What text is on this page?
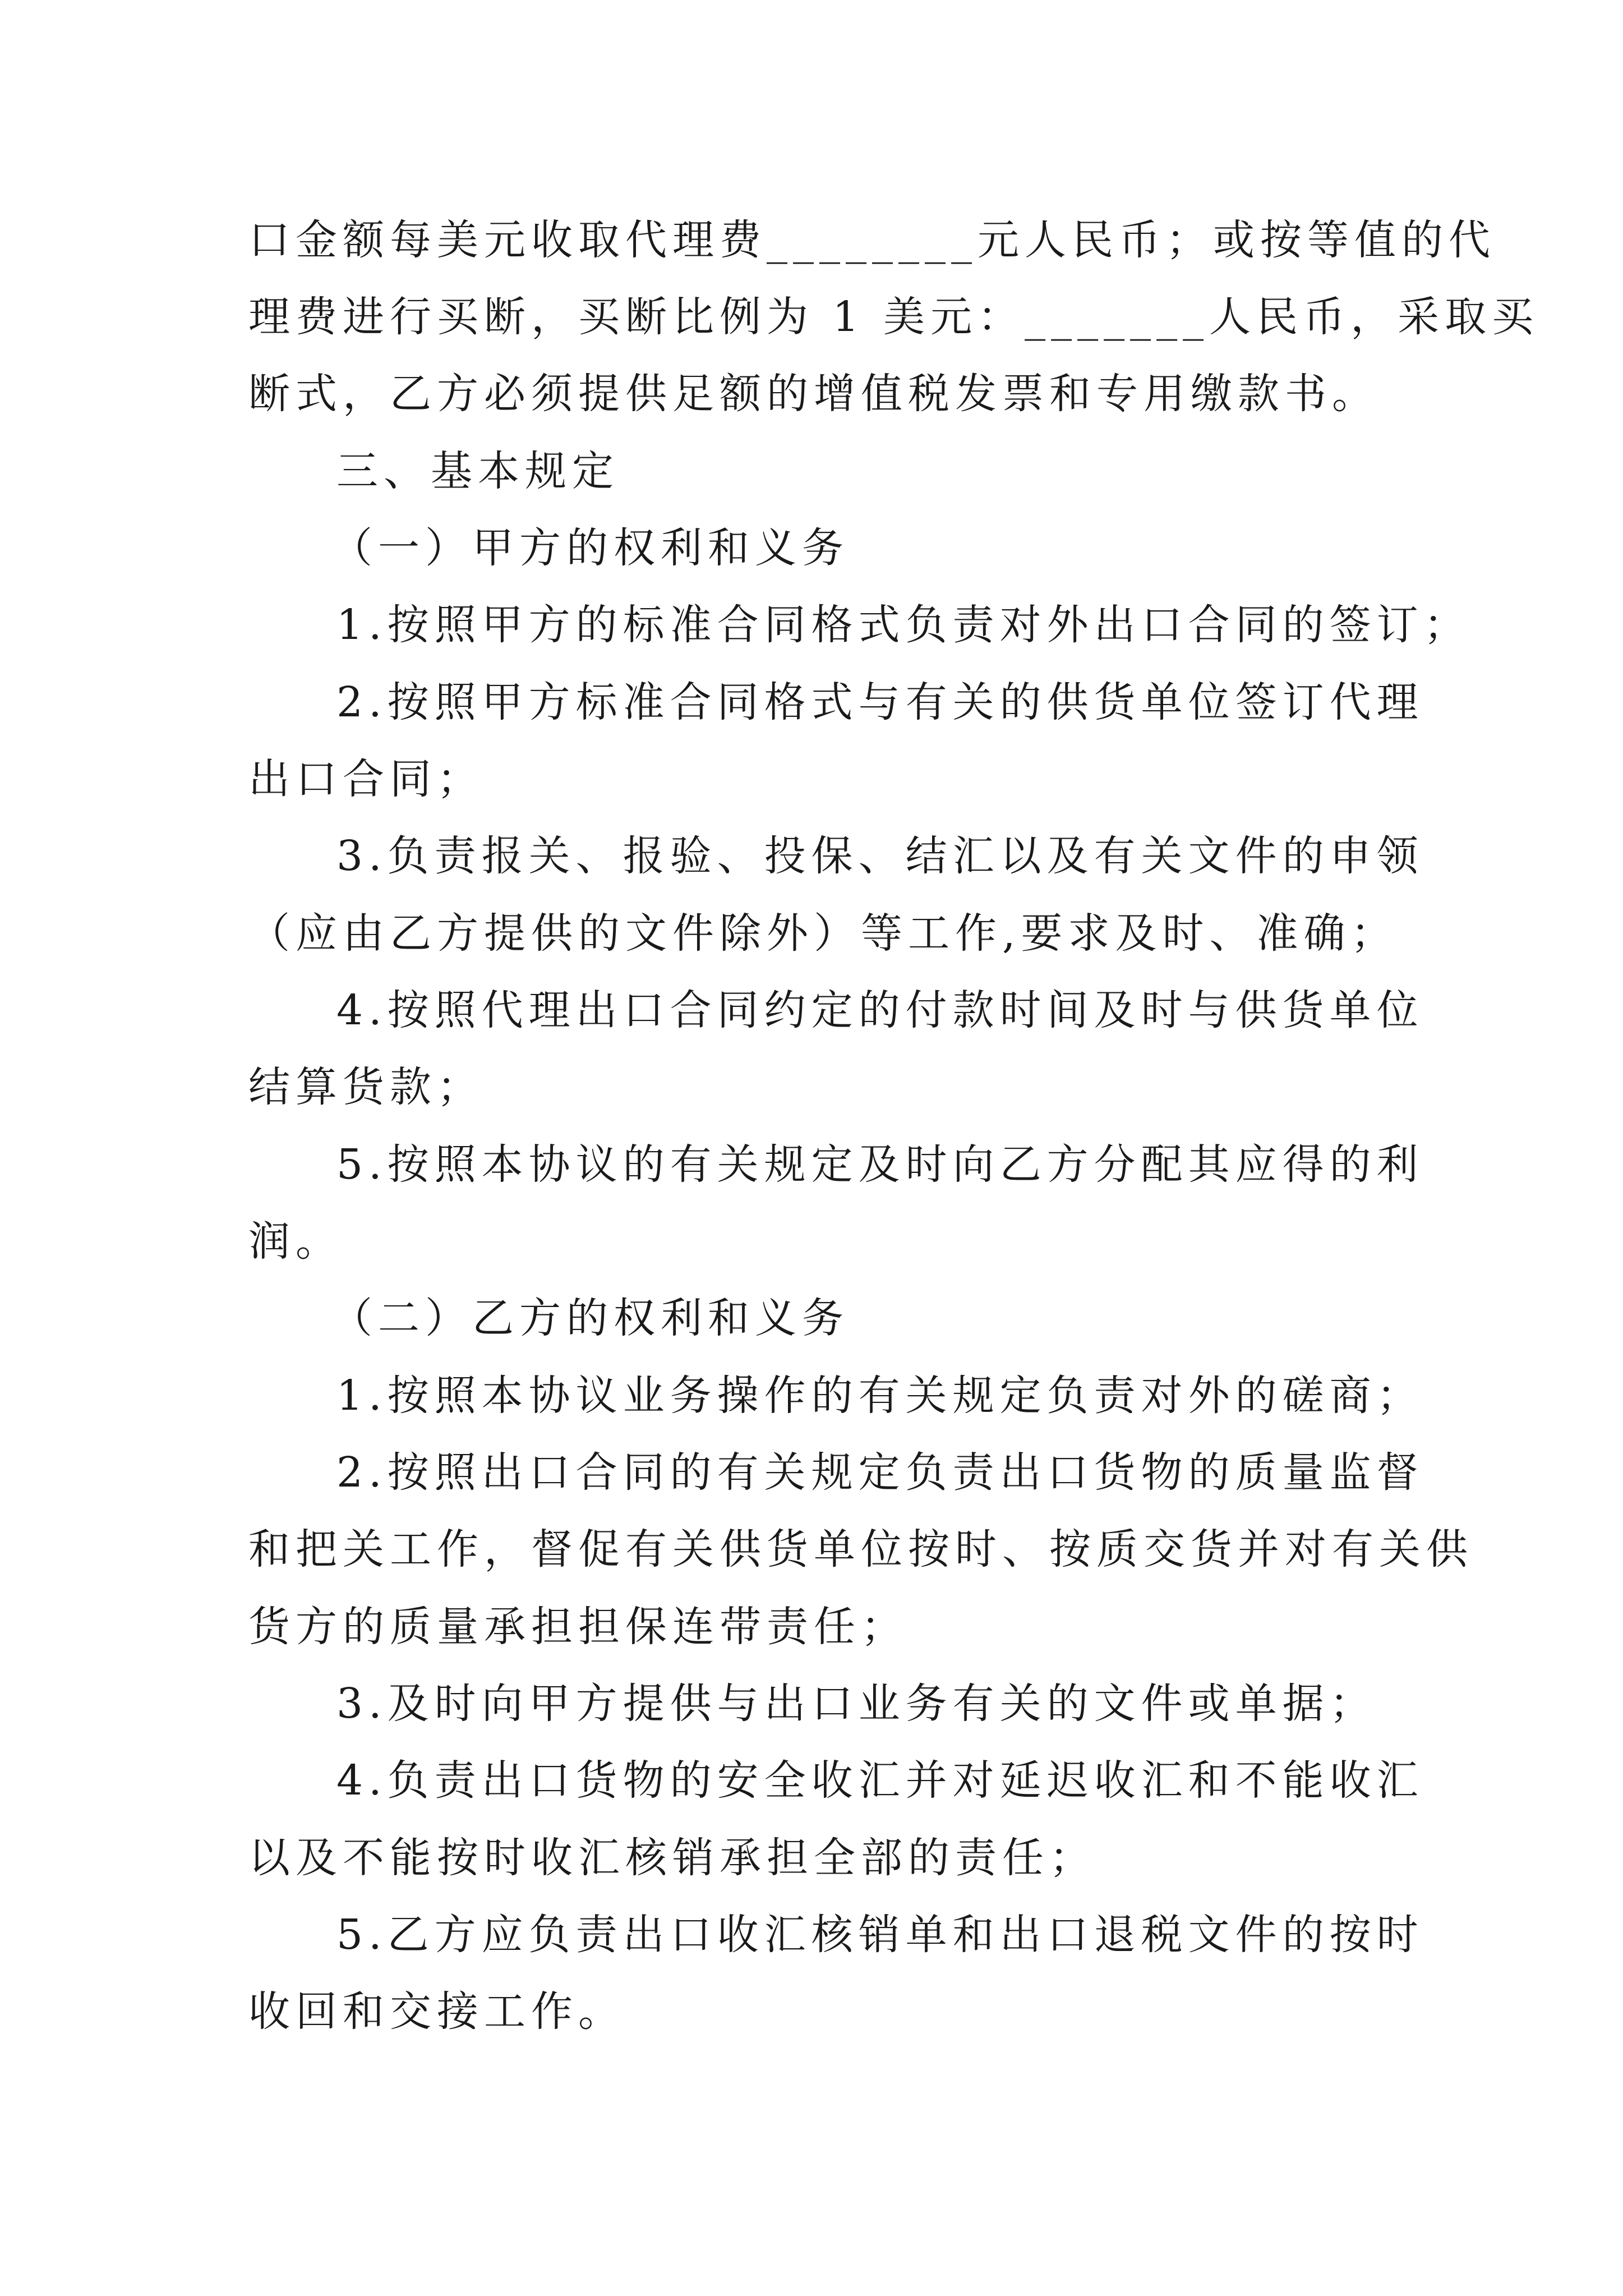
口金额每美元收取代理费________元人民币；或按等值的代
理费进行买断，买断比例为 1 美元：_______人民币，采取买
断式，乙方必须提供足额的增值税发票和专用缴款书。
三、基本规定
（一）甲方的权利和义务
1.按照甲方的标准合同格式负责对外出口合同的签订；
2.按照甲方标准合同格式与有关的供货单位签订代理
出口合同；
3.负责报关、报验、投保、结汇以及有关文件的申领
（应由乙方提供的文件除外）等工作,要求及时、准确；
4.按照代理出口合同约定的付款时间及时与供货单位
结算货款；
5.按照本协议的有关规定及时向乙方分配其应得的利
润。
（二）乙方的权利和义务
1.按照本协议业务操作的有关规定负责对外的磋商；
2.按照出口合同的有关规定负责出口货物的质量监督
和把关工作，督促有关供货单位按时、按质交货并对有关供
货方的质量承担担保连带责任；
3.及时向甲方提供与出口业务有关的文件或单据；
4.负责出口货物的安全收汇并对延迟收汇和不能收汇
以及不能按时收汇核销承担全部的责任；
5.乙方应负责出口收汇核销单和出口退税文件的按时
收回和交接工作。
